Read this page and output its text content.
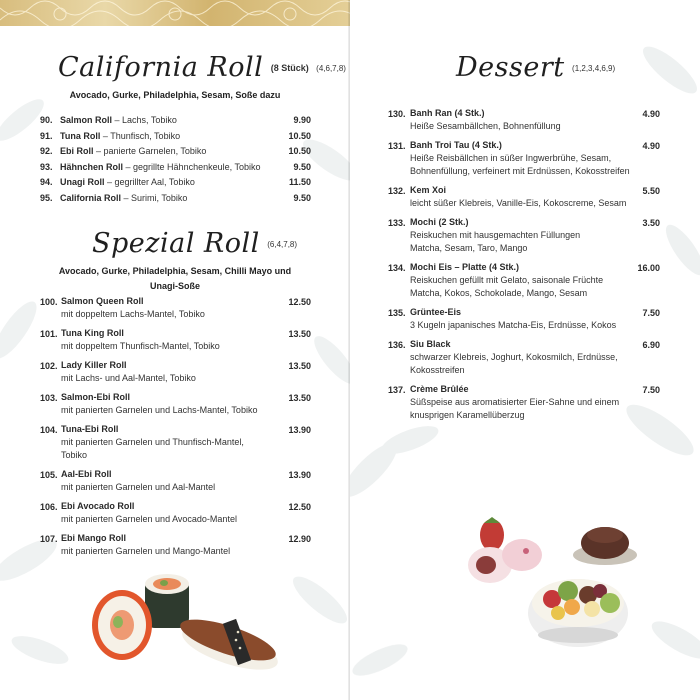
California Roll $^{(8 Stück)}$ $^{(4,6,7,8)}$
Avocado, Gurke, Philadelphia, Sesam, Soße dazu
90. Salmon Roll – Lachs, Tobiko	9.90
91. Tuna Roll – Thunfisch, Tobiko	10.50
92. Ebi Roll – panierte Garnelen, Tobiko	10.50
93. Hähnchen Roll – gegrillte Hähnchenkeule, Tobiko	9.50
94. Unagi Roll – gegrillter Aal, Tobiko	11.50
95. California Roll – Surimi, Tobiko	9.50
Spezial Roll $^{(6,4,7,8)}$
Avocado, Gurke, Philadelphia, Sesam, Chilli Mayo und
Unagi-Soße
100. Salmon Queen Roll
mit doppeltem Lachs-Mantel, Tobiko
12.50
101. Tuna King Roll
mit doppeltem Thunfisch-Mantel, Tobiko
13.50
102. Lady Killer Roll
mit Lachs- und Aal-Mantel, Tobiko
13.50
103. Salmon-Ebi Roll
mit panierten Garnelen und Lachs-Mantel, Tobiko
13.50
104. Tuna-Ebi Roll
mit panierten Garnelen und Thunfisch-Mantel,
Tobiko
13.90
105. Aal-Ebi Roll
mit panierten Garnelen und Aal-Mantel
13.90
106. Ebi Avocado Roll
mit panierten Garnelen und Avocado-Mantel
12.50
107. Ebi Mango Roll
mit panierten Garnelen und Mango-Mantel
12.90
Dessert $^{(1,2,3,4,6,9)}$
130. Banh Ran (4 Stk.)
Heiße Sesambällchen, Bohnenfüllung
4.90
131. Banh Troi Tau (4 Stk.)
Heiße Reisbällchen in süßer Ingwerbrühe, Sesam,
Bohnenfüllung, verfeinert mit Erdnüssen, Kokosstreifen
4.90
132. Kem Xoi
leicht süßer Klebreis, Vanille-Eis, Kokoscreme, Sesam
5.50
133. Mochi (2 Stk.)
Reiskuchen mit hausgemachten Füllungen
Matcha, Sesam, Taro, Mango
3.50
134. Mochi Eis – Platte (4 Stk.)
Reiskuchen gefüllt mit Gelato, saisonale Früchte
Matcha, Kokos, Schokolade, Mango, Sesam
16.00
135. Grüntee-Eis
3 Kugeln japanisches Matcha-Eis, Erdnüsse, Kokos
7.50
136. Siu Black
schwarzer Klebreis, Joghurt, Kokosmilch, Erdnüsse,
Kokosstreifen
6.90
137. Crème Brûlée
Süßspeise aus aromatisierter Eier-Sahne und einem
knusprigen Karamellüberzug
7.50
